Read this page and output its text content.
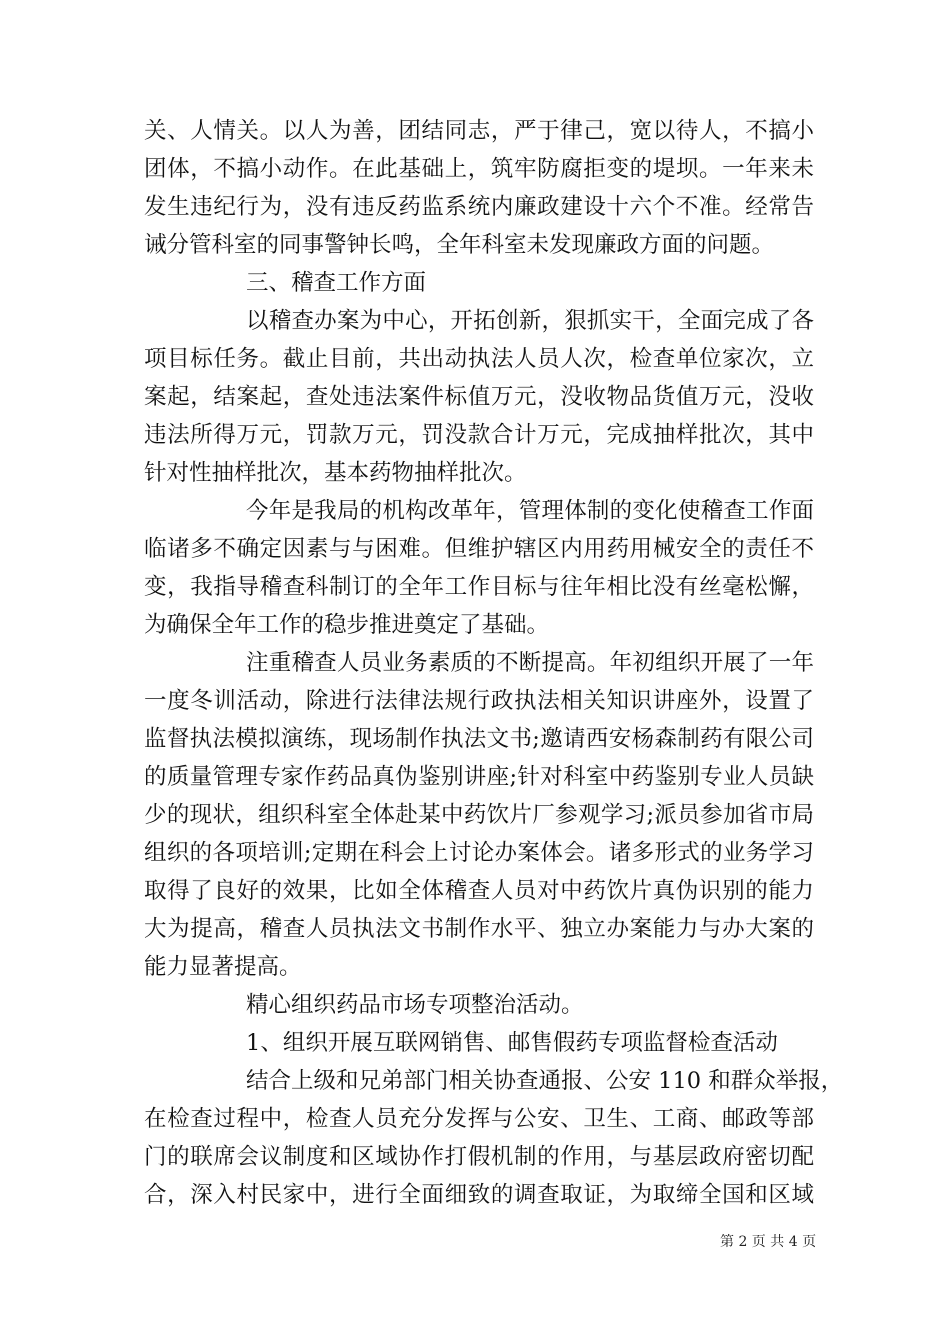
关、人情关。以人为善，团结同志，严于律己，宽以待人，不搞小
团体，不搞小动作。在此基础上，筑牢防腐拒变的堤坝。一年来未
发生违纪行为，没有违反药监系统内廉政建设十六个不准。经常告
诫分管科室的同事警钟长鸣，全年科室未发现廉政方面的问题。
三、稽查工作方面
以稽查办案为中心，开拓创新，狠抓实干，全面完成了各
项目标任务。截止目前，共出动执法人员人次，检查单位家次，立
案起，结案起，查处违法案件标值万元，没收物品货值万元，没收
违法所得万元，罚款万元，罚没款合计万元，完成抽样批次，其中
针对性抽样批次，基本药物抽样批次。
今年是我局的机构改革年，管理体制的变化使稽查工作面
临诸多不确定因素与与困难。但维护辖区内用药用械安全的责任不
变，我指导稽查科制订的全年工作目标与往年相比没有丝毫松懈，
为确保全年工作的稳步推进奠定了基础。
注重稽查人员业务素质的不断提高。年初组织开展了一年
一度冬训活动，除进行法律法规行政执法相关知识讲座外，设置了
监督执法模拟演练，现场制作执法文书;邀请西安杨森制药有限公司
的质量管理专家作药品真伪鉴别讲座;针对科室中药鉴别专业人员缺
少的现状，组织科室全体赴某中药饮片厂参观学习;派员参加省市局
组织的各项培训;定期在科会上讨论办案体会。诸多形式的业务学习
取得了良好的效果，比如全体稽查人员对中药饮片真伪识别的能力
大为提高，稽查人员执法文书制作水平、独立办案能力与办大案的
能力显著提高。
精心组织药品市场专项整治活动。
1、组织开展互联网销售、邮售假药专项监督检查活动
结合上级和兄弟部门相关协查通报、公安 110 和群众举报，
在检查过程中，检查人员充分发挥与公安、卫生、工商、邮政等部
门的联席会议制度和区域协作打假机制的作用，与基层政府密切配
合，深入村民家中，进行全面细致的调查取证，为取缔全国和区域
第 2 页 共 4 页
